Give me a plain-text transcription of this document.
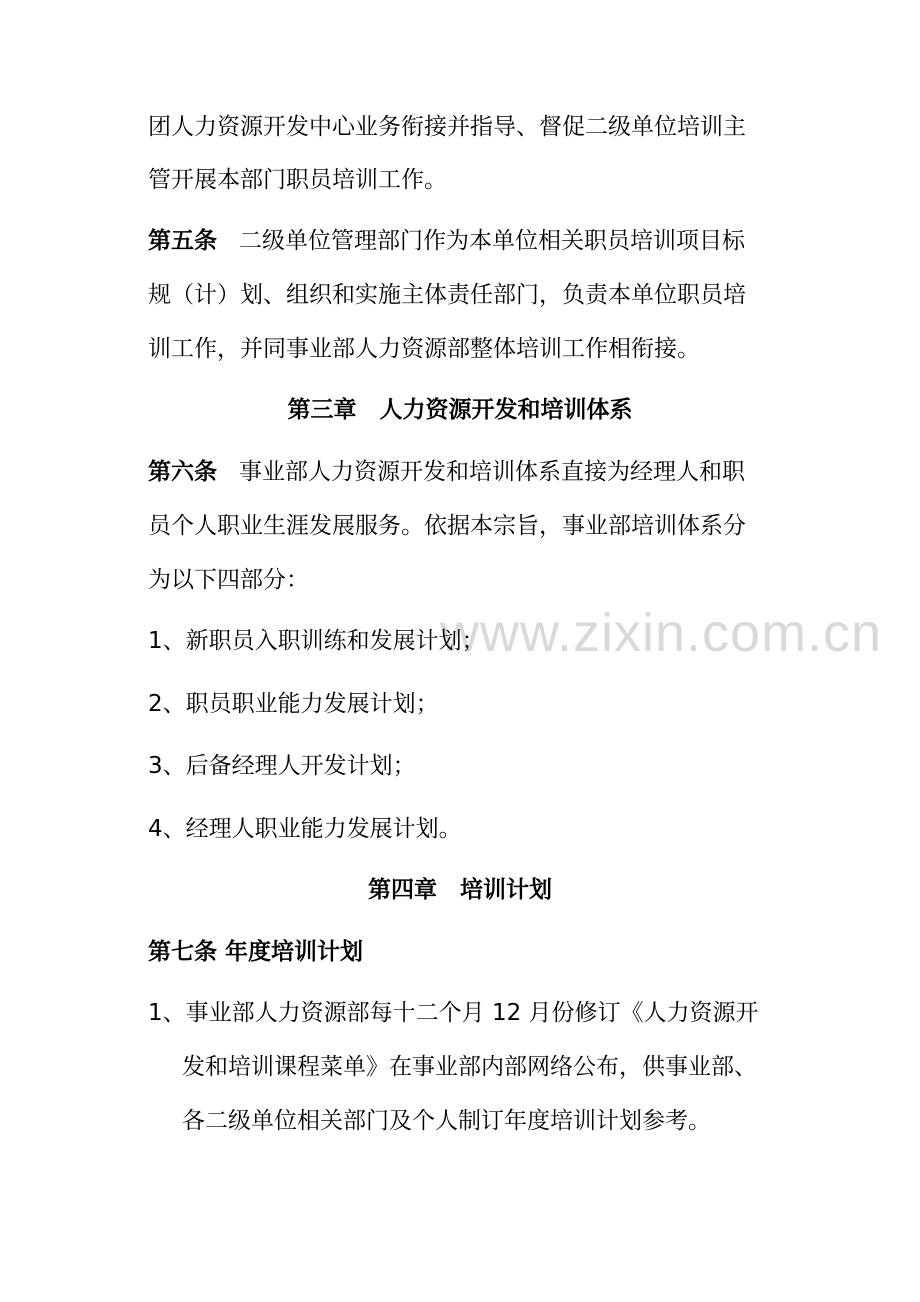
www.zixin.com.cn
团人力资源开发中心业务衔接并指导、督促二级单位培训主
管开展本部门职员培训工作。
第五条 二级单位管理部门作为本单位相关职员培训项目标
规（计）划、组织和实施主体责任部门，负责本单位职员培
训工作，并同事业部人力资源部整体培训工作相衔接。
第三章　人力资源开发和培训体系
第六条 事业部人力资源开发和培训体系直接为经理人和职
员个人职业生涯发展服务。依据本宗旨，事业部培训体系分
为以下四部分：
1、新职员入职训练和发展计划；
2、职员职业能力发展计划；
3、后备经理人开发计划；
4、经理人职业能力发展计划。
第四章　培训计划
第七条 年度培训计划
1、事业部人力资源部每十二个月 12 月份修订《人力资源开
发和培训课程菜单》在事业部内部网络公布，供事业部、
各二级单位相关部门及个人制订年度培训计划参考。
